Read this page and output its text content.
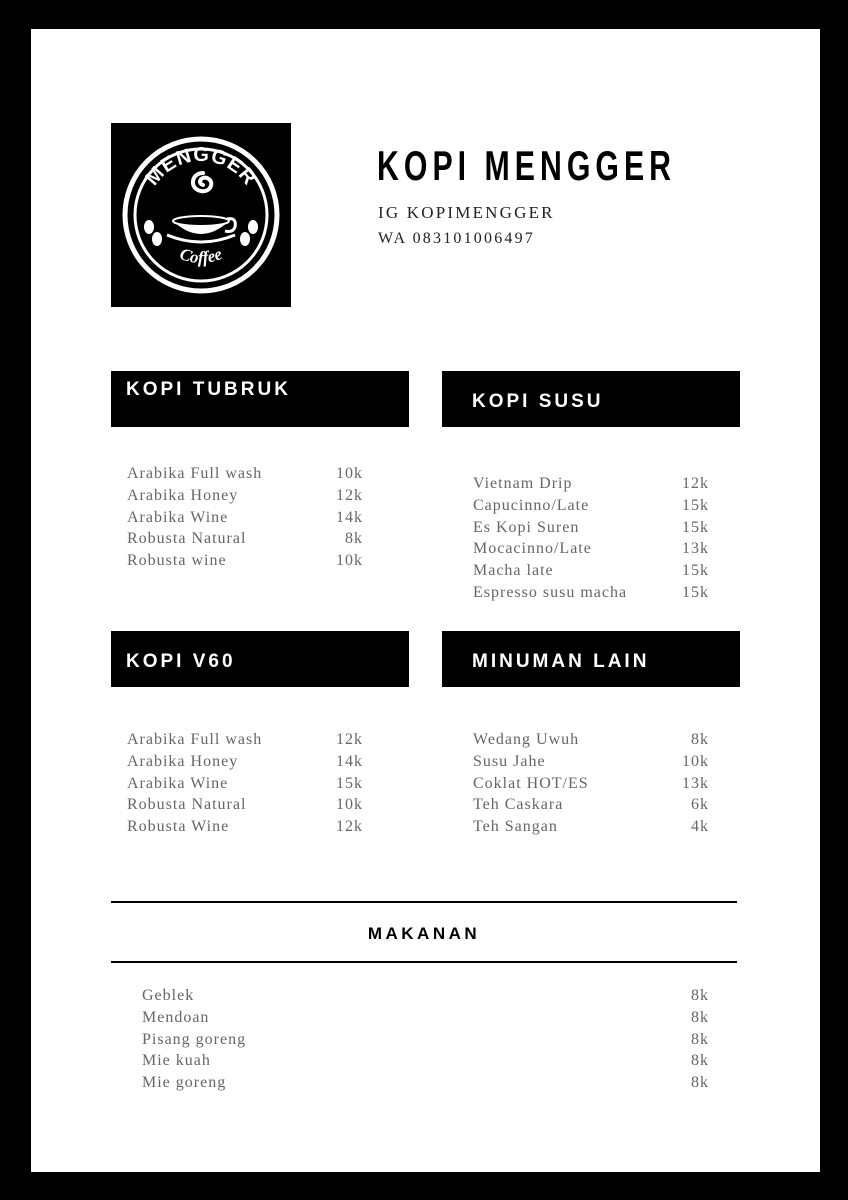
MENGGER
Coffee
KOPI MENGGER
IG KOPIMENGGER
WA 083101006497
KOPI TUBRUK
Arabika Full wash	10k
Arabika Honey	12k
Arabika Wine	14k
Robusta Natural	8k
Robusta wine	10k
KOPI SUSU
Vietnam Drip	12k
Capucinno/Late	15k
Es Kopi Suren	15k
Mocacinno/Late	13k
Macha late	15k
Espresso susu macha	15k
KOPI V60
Arabika Full wash	12k
Arabika Honey	14k
Arabika Wine	15k
Robusta Natural	10k
Robusta Wine	12k
MINUMAN LAIN
Wedang Uwuh	8k
Susu Jahe	10k
Coklat HOT/ES	13k
Teh Caskara	6k
Teh Sangan	4k
MAKANAN
Geblek	8k
Mendoan	8k
Pisang goreng	8k
Mie kuah	8k
Mie goreng	8k
